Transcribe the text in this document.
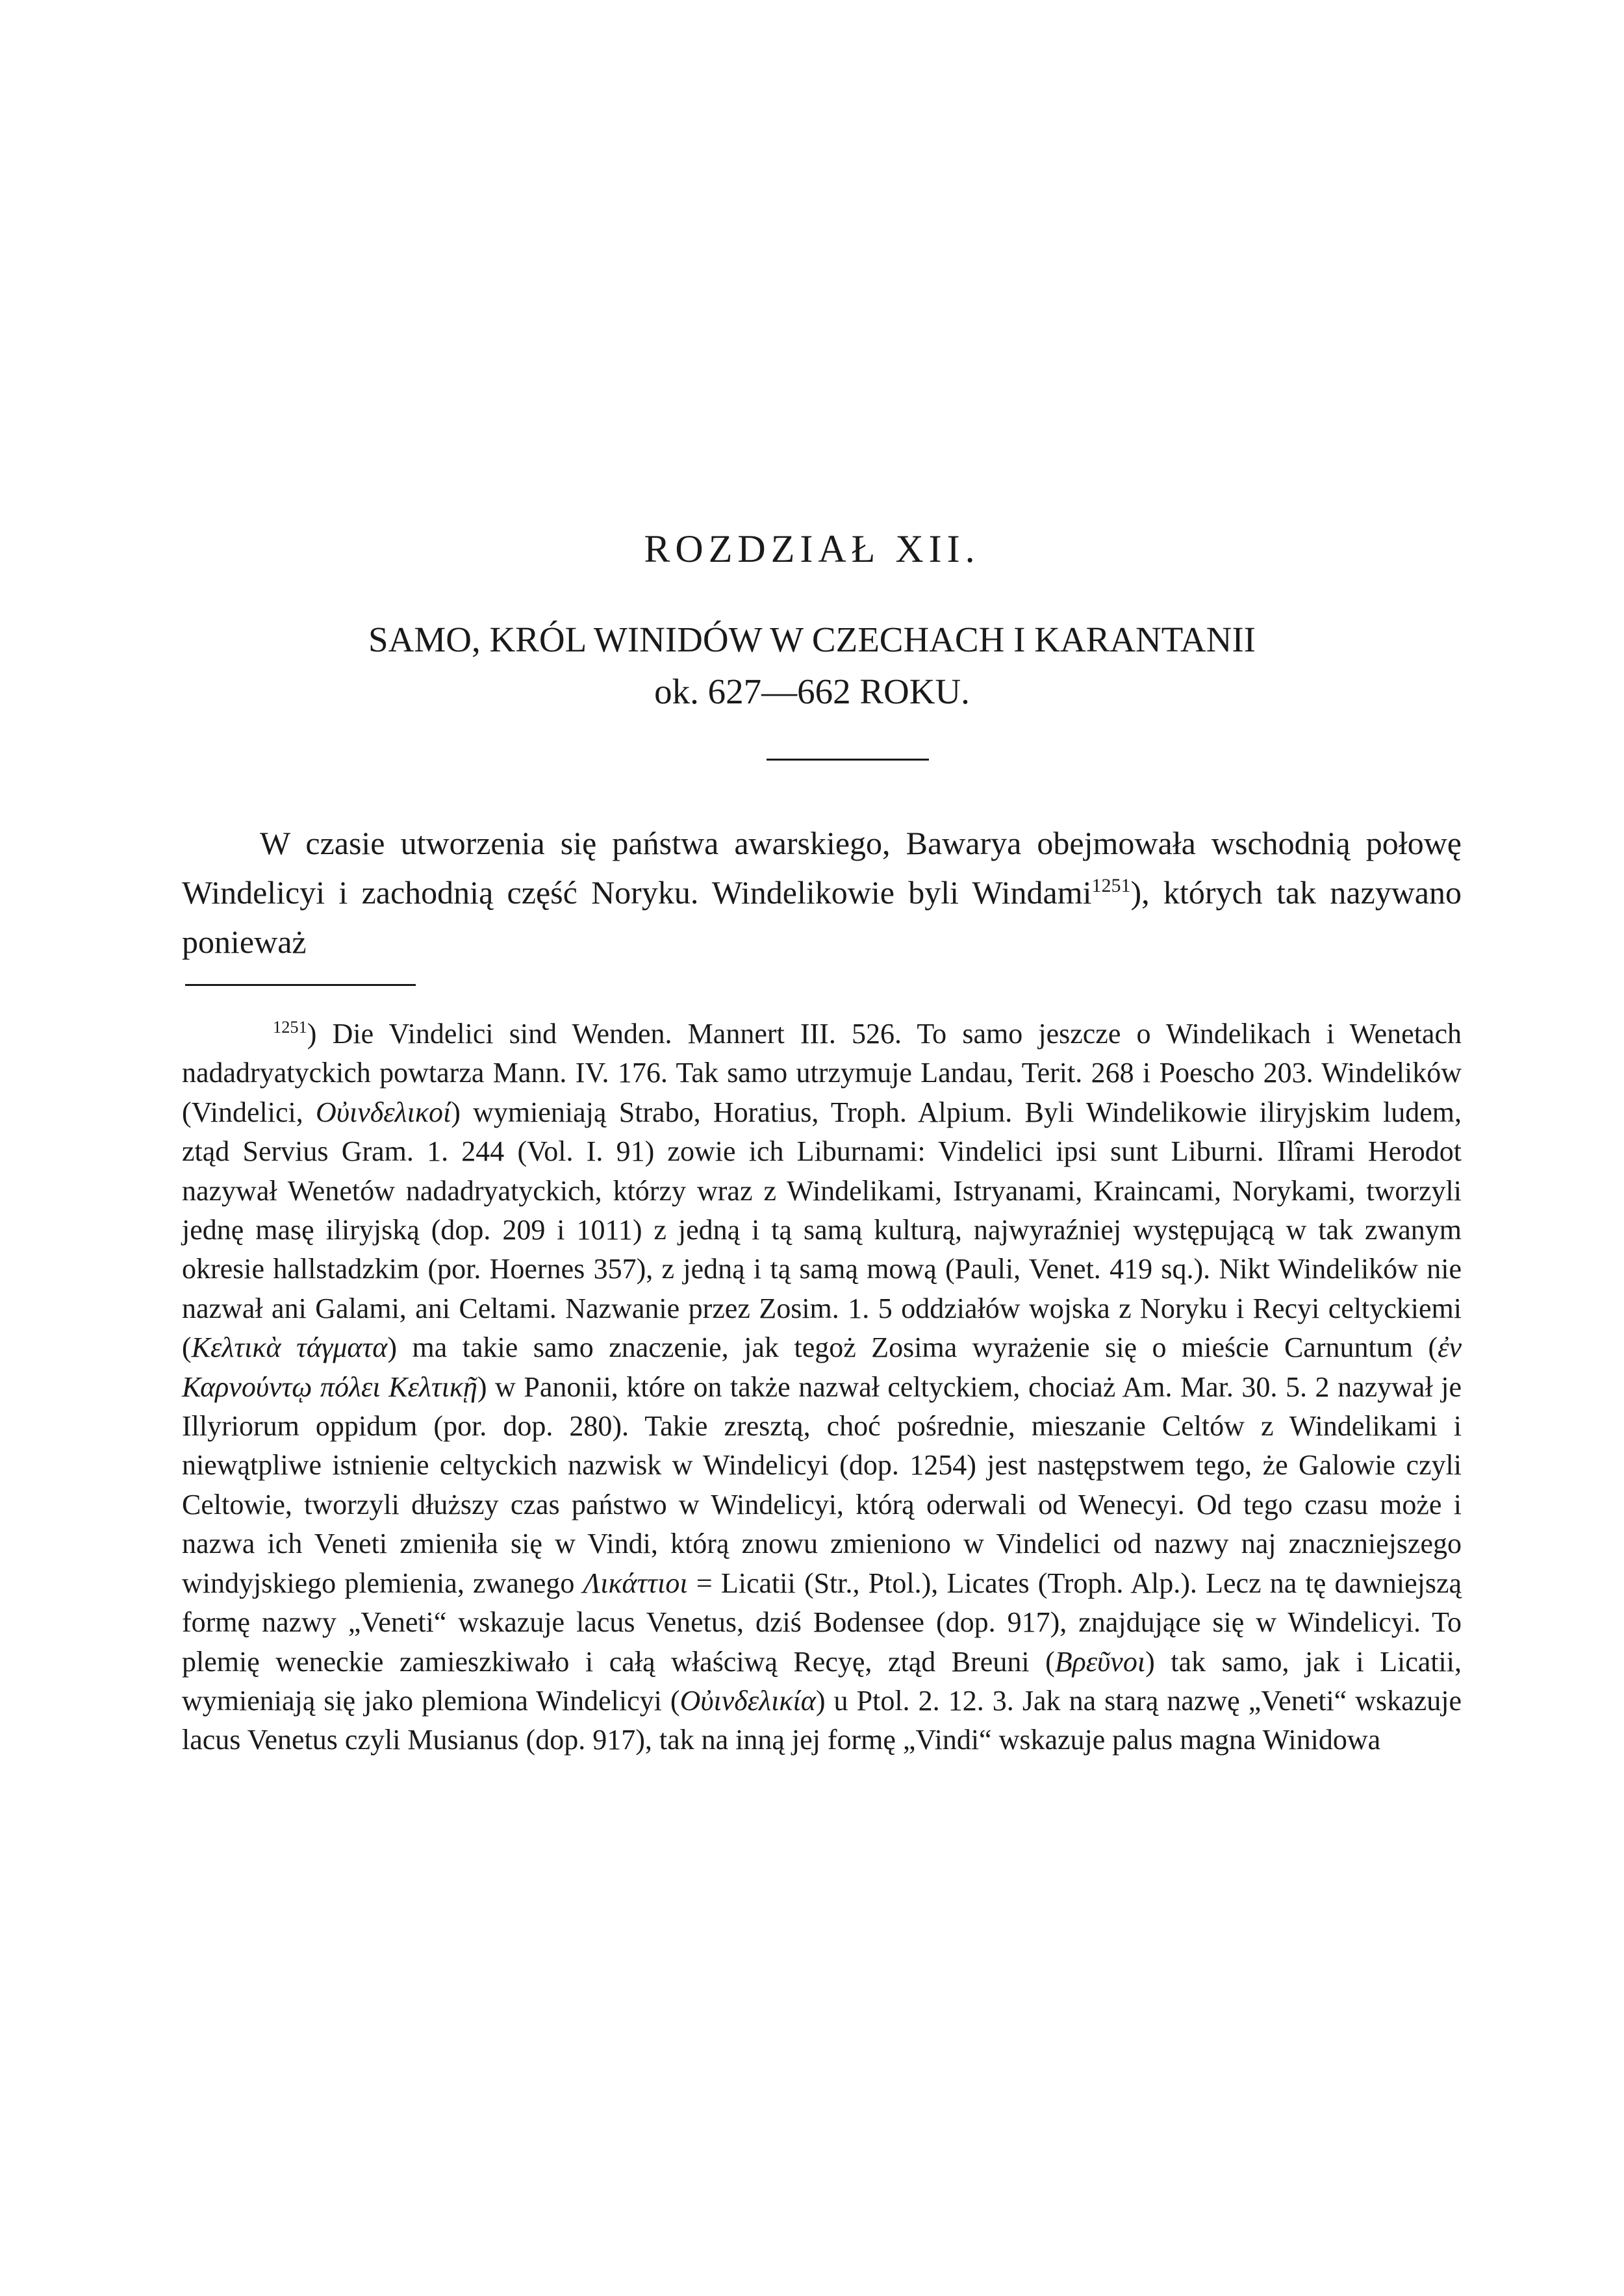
ROZDZIAŁ XII.
SAMO, KRÓL WINIDÓW W CZECHACH I KARANTANII
ok. 627—662 ROKU.

W czasie utworzenia się państwa awarskiego, Bawarya obejmowała wschodnią połowę Windelicyi i zachodnią część Noryku. Windelikowie byli Windami$^{1251}$), których tak nazywano ponieważ

$^{1251}$) Die Vindelici sind Wenden. Mannert III. 526. To samo jeszcze o Windelikach i Wenetach nadadryatyckich powtarza Mann. IV. 176. Tak samo utrzymuje Landau, Terit. 268 i Poescho 203. Windelików (Vindelici, Οὐινδελικοί) wymieniają Strabo, Horatius, Troph. Alpium. Byli Windelikowie iliryjskim ludem, ztąd Servius Gram. 1. 244 (Vol. I. 91) zowie ich Liburnami: Vindelici ipsi sunt Liburni. Ilîrami Herodot nazywał Wenetów nadadryatyckich, którzy wraz z Windelikami, Istryanami, Kraincami, Norykami, tworzyli jednę masę iliryjską (dop. 209 i 1011) z jedną i tą samą kulturą, najwyraźniej występującą w tak zwanym okresie hallstadzkim (por. Hoernes 357), z jedną i tą samą mową (Pauli, Venet. 419 sq.). Nikt Windelików nie nazwał ani Galami, ani Celtami. Nazwanie przez Zosim. 1. 5 oddziałów wojska z Noryku i Recyi celtyckiemi (Κελτικὰ τάγματα) ma takie samo znaczenie, jak tegoż Zosima wyrażenie się o mieście Carnuntum (ἐν Καρνούντῳ πόλει Κελτικῇ) w Panonii, które on także nazwał celtyckiem, chociaż Am. Mar. 30. 5. 2 nazywał je Illyriorum oppidum (por. dop. 280). Takie zresztą, choć pośrednie, mieszanie Celtów z Windelikami i niewątpliwe istnienie celtyckich nazwisk w Windelicyi (dop. 1254) jest następstwem tego, że Galowie czyli Celtowie, tworzyli dłuższy czas państwo w Windelicyi, którą oderwali od Wenecyi. Od tego czasu może i nazwa ich Veneti zmieniła się w Vindi, którą znowu zmieniono w Vindelici od nazwy naj znaczniejszego windyjskiego plemienia, zwanego Λικάττιοι = Licatii (Str., Ptol.), Licates (Troph. Alp.). Lecz na tę dawniejszą formę nazwy „Veneti“ wskazuje lacus Venetus, dziś Bodensee (dop. 917), znajdujące się w Windelicyi. To plemię weneckie zamieszkiwało i całą właściwą Recyę, ztąd Breuni (Βρεῦνοι) tak samo, jak i Licatii, wymieniają się jako plemiona Windelicyi (Οὐινδελικία) u Ptol. 2. 12. 3. Jak na starą nazwę „Veneti“ wskazuje lacus Venetus czyli Musianus (dop. 917), tak na inną jej formę „Vindi“ wskazuje palus magna Winidowa
